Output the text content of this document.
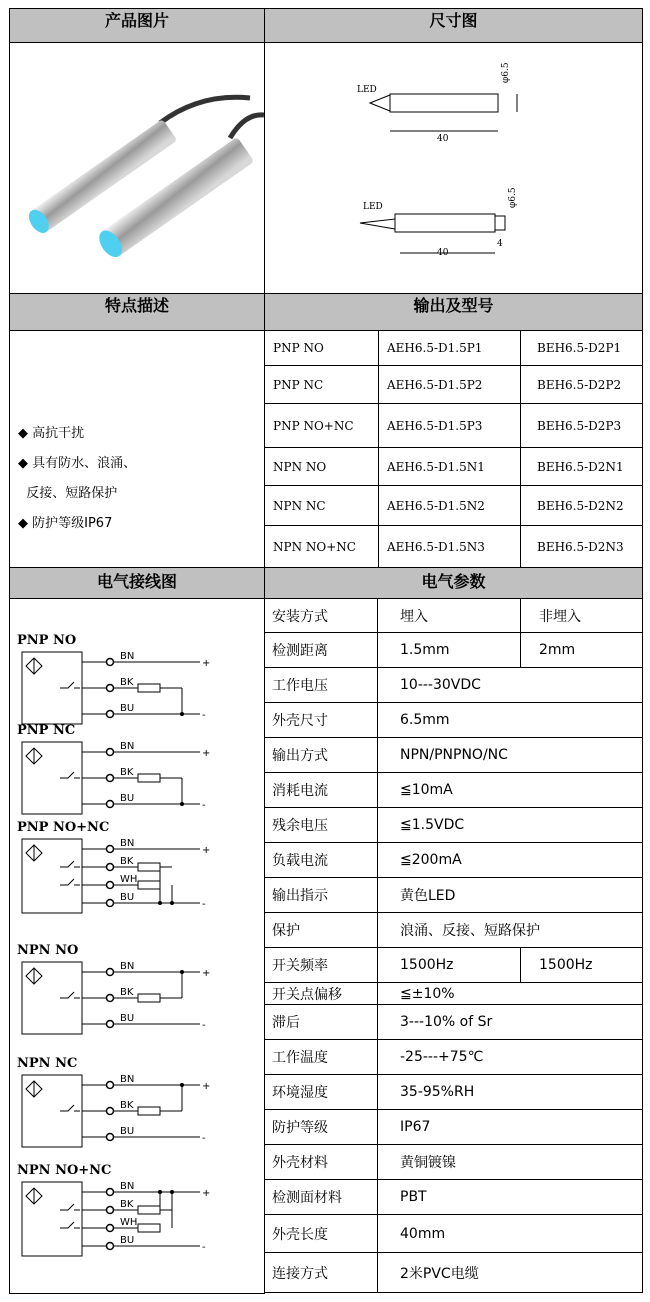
产品图片	尺寸图
LED
40
φ6.5
LED
40
4
φ6.5
特点描述	输出及型号

◆ 高抗干扰

◆ 具有防水、浪涌、

反接、短路保护

◆ 防护等级IP67

PNP NO	AEH6.5-D1.5P1	BEH6.5-D2P1
PNP NC	AEH6.5-D1.5P2	BEH6.5-D2P2
PNP NO+NC	AEH6.5-D1.5P3	BEH6.5-D2P3
NPN NO	AEH6.5-D1.5N1	BEH6.5-D2N1
NPN NC	AEH6.5-D1.5N2	BEH6.5-D2N2
NPN NO+NC	AEH6.5-D1.5N3	BEH6.5-D2N3
电气接线图	电气参数
PNP NO
BN
+
BK
BU
-
PNP NC
BN
+
BK
BU
-
PNP NO+NC
BN
+
BK
WH
BU
-
NPN NO
BN
+
BK
BU
-
NPN NC
BN
+
BK
BU
-
NPN NO+NC
BN
+
BK
WH
BU
-
安装方式	埋入	非埋入
检测距离	1.5mm	2mm
工作电压	10---30VDC
外壳尺寸	6.5mm
输出方式	NPN/PNPNO/NC
消耗电流	≦10mA
残余电压	≦1.5VDC
负载电流	≦200mA
输出指示	黄色LED
保护	浪涌、反接、短路保护
开关频率	1500Hz	1500Hz
开关点偏移	≦±10%
滞后	3---10% of Sr
工作温度	-25---+75℃
环境湿度	35-95%RH
防护等级	IP67
外壳材料	黄铜镀镍
检测面材料	PBT
外壳长度	40mm
连接方式	2米PVC电缆
